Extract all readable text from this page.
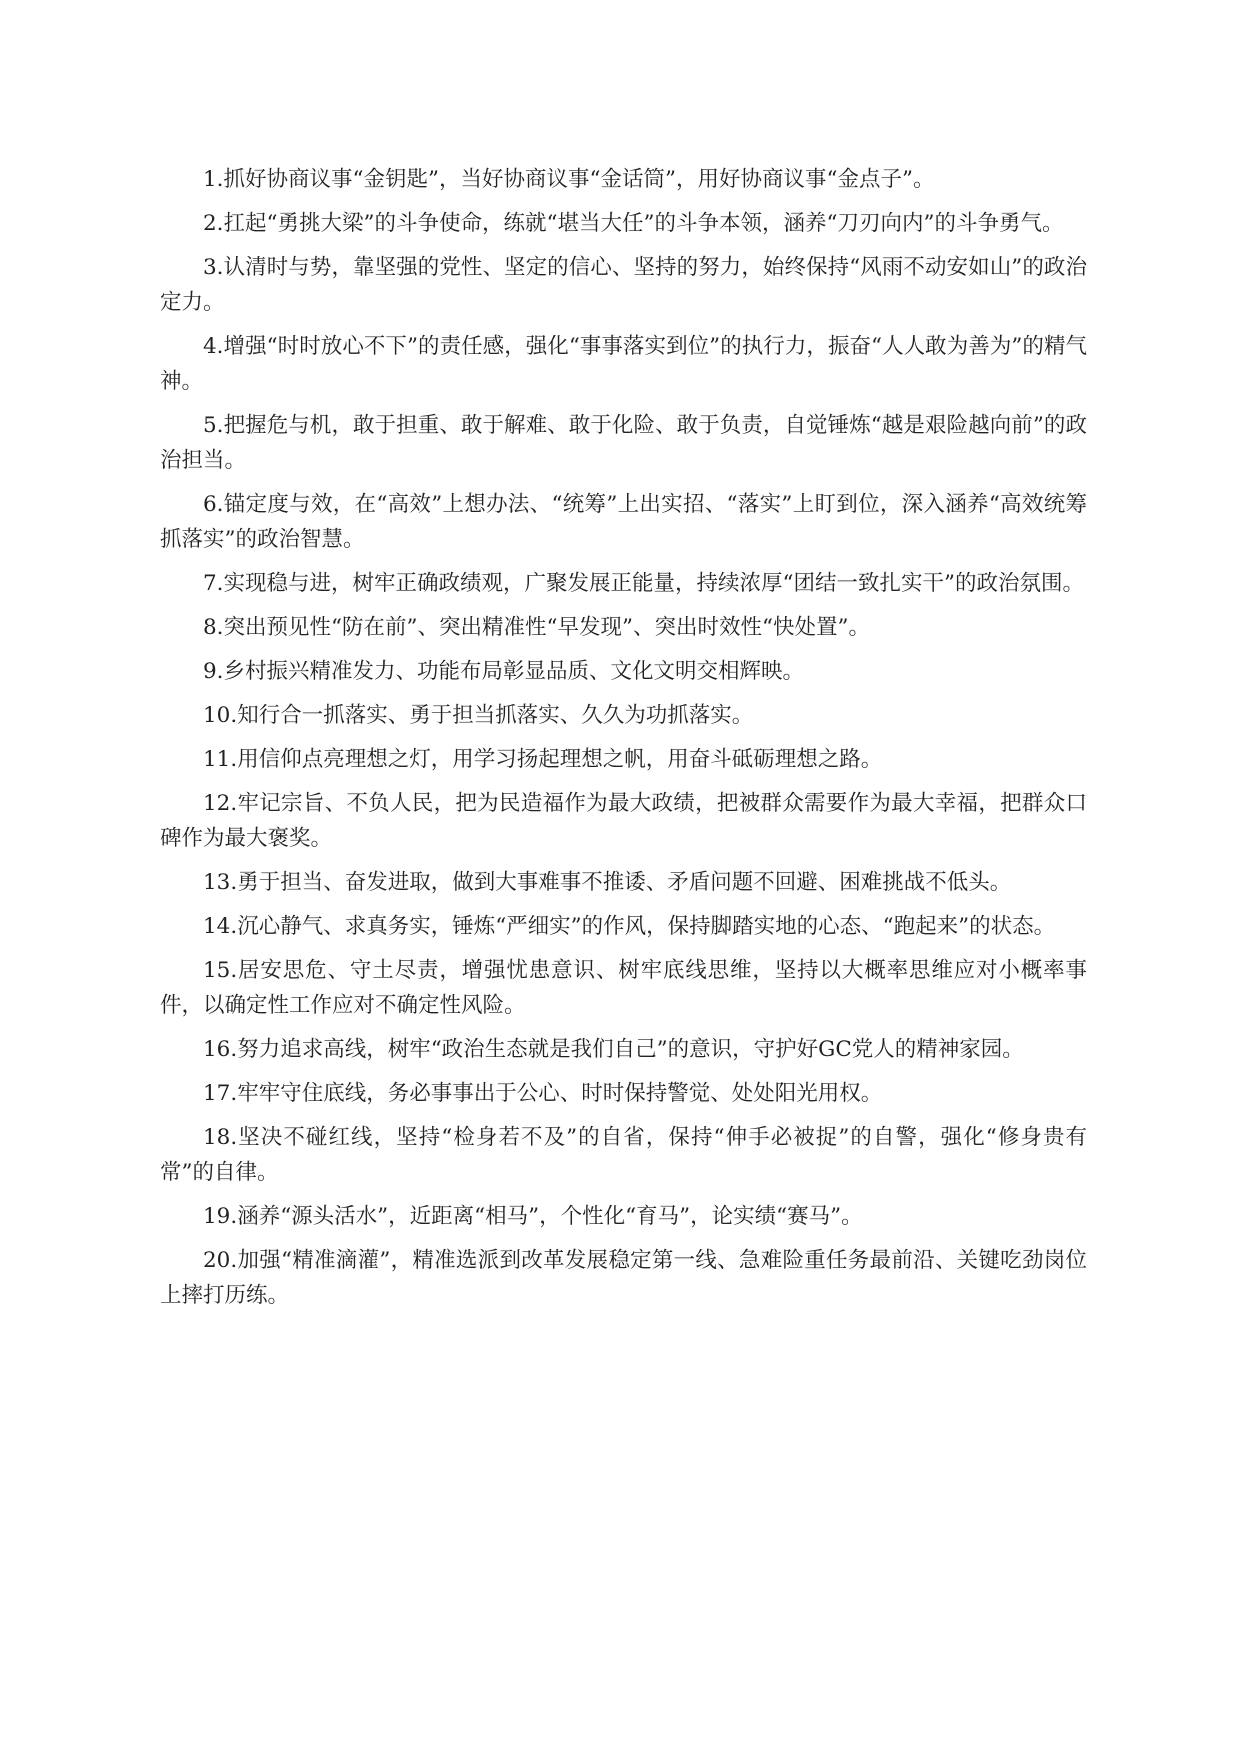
1.抓好协商议事“金钥匙”，当好协商议事“金话筒”，用好协商议事“金点子”。

2.扛起“勇挑大梁”的斗争使命，练就“堪当大任”的斗争本领，涵养“刀刃向内”的斗争勇气。

3.认清时与势，靠坚强的党性、坚定的信心、坚持的努力，始终保持“风雨不动安如山”的政治定力。

4.增强“时时放心不下”的责任感，强化“事事落实到位”的执行力，振奋“人人敢为善为”的精气神。

5.把握危与机，敢于担重、敢于解难、敢于化险、敢于负责，自觉锤炼“越是艰险越向前”的政治担当。

6.锚定度与效，在“高效”上想办法、“统筹”上出实招、“落实”上盯到位，深入涵养“高效统筹抓落实”的政治智慧。

7.实现稳与进，树牢正确政绩观，广聚发展正能量，持续浓厚“团结一致扎实干”的政治氛围。

8.突出预见性“防在前”、突出精准性“早发现”、突出时效性“快处置”。

9.乡村振兴精准发力、功能布局彰显品质、文化文明交相辉映。

10.知行合一抓落实、勇于担当抓落实、久久为功抓落实。

11.用信仰点亮理想之灯，用学习扬起理想之帆，用奋斗砥砺理想之路。

12.牢记宗旨、不负人民，把为民造福作为最大政绩，把被群众需要作为最大幸福，把群众口碑作为最大褒奖。

13.勇于担当、奋发进取，做到大事难事不推诿、矛盾问题不回避、困难挑战不低头。

14.沉心静气、求真务实，锤炼“严细实”的作风，保持脚踏实地的心态、“跑起来”的状态。

15.居安思危、守土尽责，增强忧患意识、树牢底线思维，坚持以大概率思维应对小概率事件，以确定性工作应对不确定性风险。

16.努力追求高线，树牢“政治生态就是我们自己”的意识，守护好GC党人的精神家园。

17.牢牢守住底线，务必事事出于公心、时时保持警觉、处处阳光用权。

18.坚决不碰红线，坚持“检身若不及”的自省，保持“伸手必被捉”的自警，强化“修身贵有常”的自律。

19.涵养“源头活水”，近距离“相马”，个性化“育马”，论实绩“赛马”。

20.加强“精准滴灌”，精准选派到改革发展稳定第一线、急难险重任务最前沿、关键吃劲岗位上摔打历练。
